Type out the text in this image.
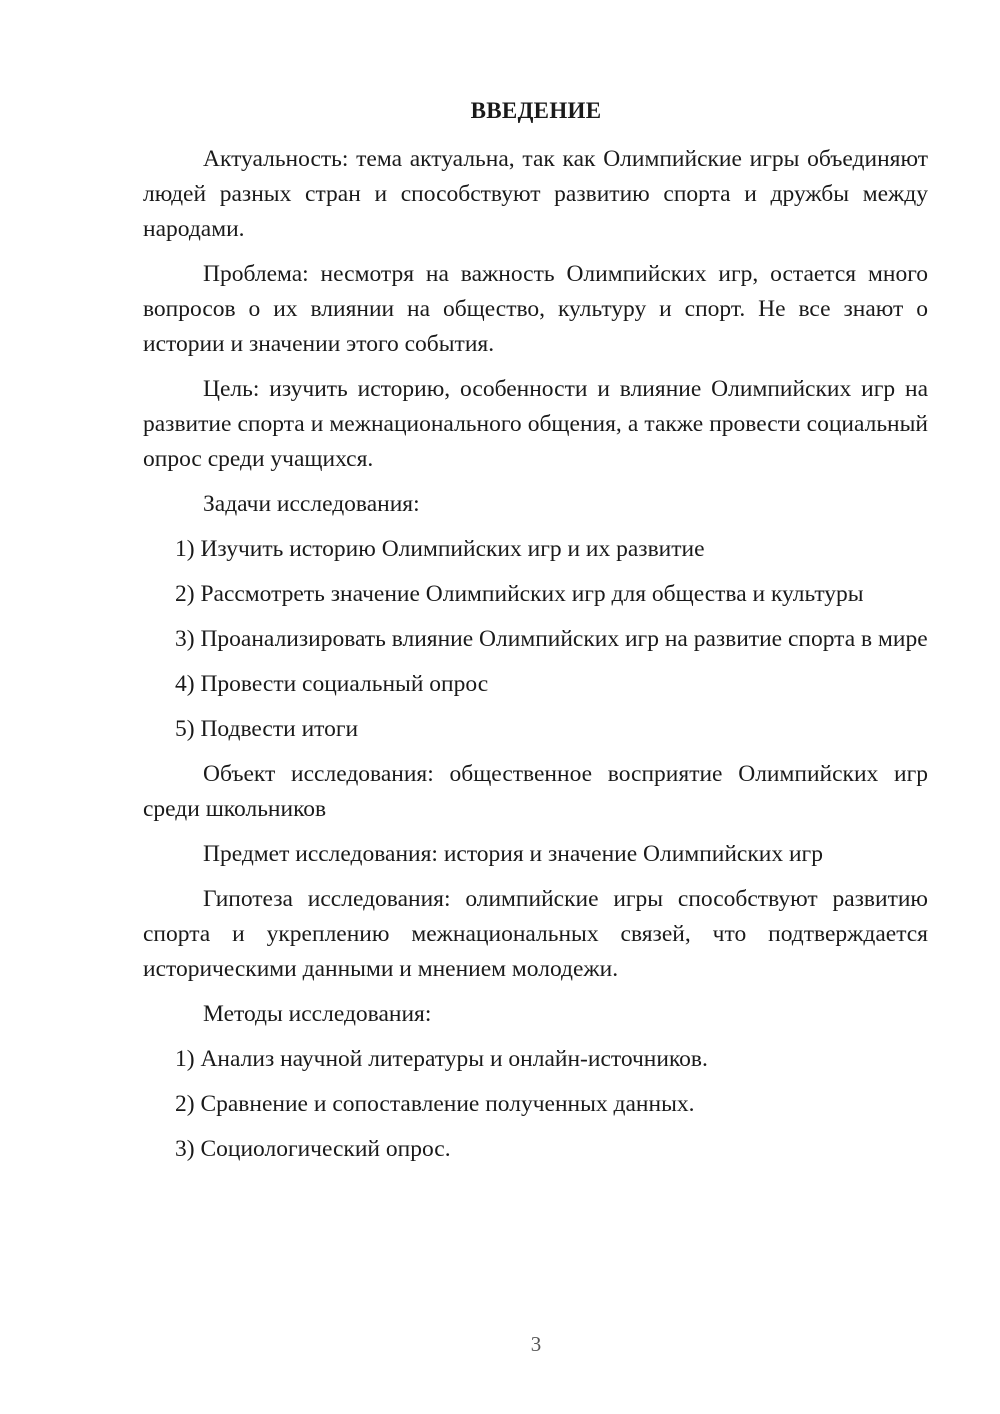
ВВЕДЕНИЕ

Актуальность: тема актуальна, так как Олимпийские игры объединяют людей разных стран и способствуют развитию спорта и дружбы между народами.

Проблема: несмотря на важность Олимпийских игр, остается много вопросов о их влиянии на общество, культуру и спорт. Не все знают о истории и значении этого события.

Цель: изучить историю, особенности и влияние Олимпийских игр на развитие спорта и межнационального общения, а также провести социальный опрос среди учащихся.

Задачи исследования:

1) Изучить историю Олимпийских игр и их развитие

2) Рассмотреть значение Олимпийских игр для общества и культуры

3) Проанализировать влияние Олимпийских игр на развитие спорта в мире

4) Провести социальный опрос

5) Подвести итоги

Объект исследования: общественное восприятие Олимпийских игр среди школьников

Предмет исследования: история и значение Олимпийских игр

Гипотеза исследования: олимпийские игры способствуют развитию спорта и укреплению межнациональных связей, что подтверждается историческими данными и мнением молодежи.

Методы исследования:

1) Анализ научной литературы и онлайн-источников.

2) Сравнение и сопоставление полученных данных.

3) Социологический опрос.

3
